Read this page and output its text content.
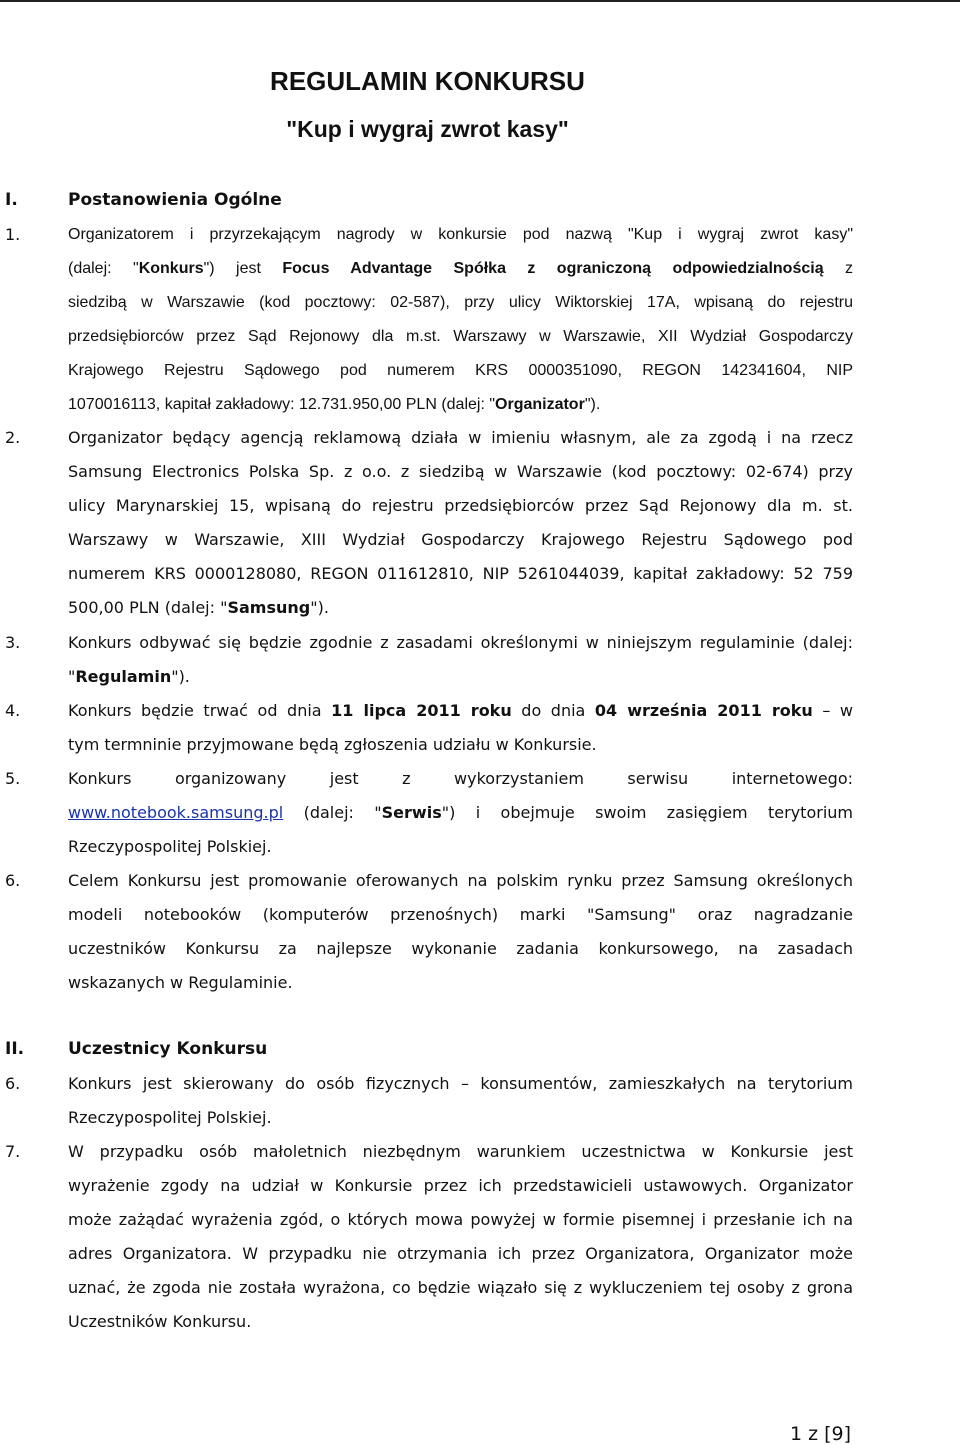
REGULAMIN KONKURSU
"Kup i wygraj zwrot kasy"
I.	Postanowienia Ogólne
1.	Organizatorem i przyrzekającym nagrody w konkursie pod nazwą "Kup i wygraj zwrot kasy"
(dalej: "Konkurs") jest Focus Advantage Spółka z ograniczoną odpowiedzialnością z
siedzibą w Warszawie (kod pocztowy: 02-587), przy ulicy Wiktorskiej 17A, wpisaną do rejestru
przedsiębiorców przez Sąd Rejonowy dla m.st. Warszawy w Warszawie, XII Wydział Gospodarczy
Krajowego Rejestru Sądowego pod numerem KRS 0000351090, REGON 142341604, NIP
1070016113, kapitał zakładowy: 12.731.950,00 PLN (dalej: "Organizator").
2.	Organizator będący agencją reklamową działa w imieniu własnym, ale za zgodą i na rzecz
Samsung Electronics Polska Sp. z o.o. z siedzibą w Warszawie (kod pocztowy: 02-674) przy
ulicy Marynarskiej 15, wpisaną do rejestru przedsiębiorców przez Sąd Rejonowy dla m. st.
Warszawy w Warszawie, XIII Wydział Gospodarczy Krajowego Rejestru Sądowego pod
numerem KRS 0000128080, REGON 011612810, NIP 5261044039, kapitał zakładowy: 52 759
500,00 PLN (dalej: "Samsung").
3.	Konkurs odbywać się będzie zgodnie z zasadami określonymi w niniejszym regulaminie (dalej:
"Regulamin").
4.	Konkurs będzie trwać od dnia 11 lipca 2011 roku do dnia 04 września 2011 roku – w
tym termninie przyjmowane będą zgłoszenia udziału w Konkursie.
5.	Konkurs organizowany jest z wykorzystaniem serwisu internetowego:
www.notebook.samsung.pl (dalej: "Serwis") i obejmuje swoim zasięgiem terytorium
Rzeczypospolitej Polskiej.
6.	Celem Konkursu jest promowanie oferowanych na polskim rynku przez Samsung określonych
modeli notebooków (komputerów przenośnych) marki "Samsung" oraz nagradzanie
uczestników Konkursu za najlepsze wykonanie zadania konkursowego, na zasadach
wskazanych w Regulaminie.
II.	Uczestnicy Konkursu
6.	Konkurs jest skierowany do osób fizycznych – konsumentów, zamieszkałych na terytorium
Rzeczypospolitej Polskiej.
7.	W przypadku osób małoletnich niezbędnym warunkiem uczestnictwa w Konkursie jest
wyrażenie zgody na udział w Konkursie przez ich przedstawicieli ustawowych. Organizator
może zażądać wyrażenia zgód, o których mowa powyżej w formie pisemnej i przesłanie ich na
adres Organizatora. W przypadku nie otrzymania ich przez Organizatora, Organizator może
uznać, że zgoda nie została wyrażona, co będzie wiązało się z wykluczeniem tej osoby z grona
Uczestników Konkursu.
1 z [9]
